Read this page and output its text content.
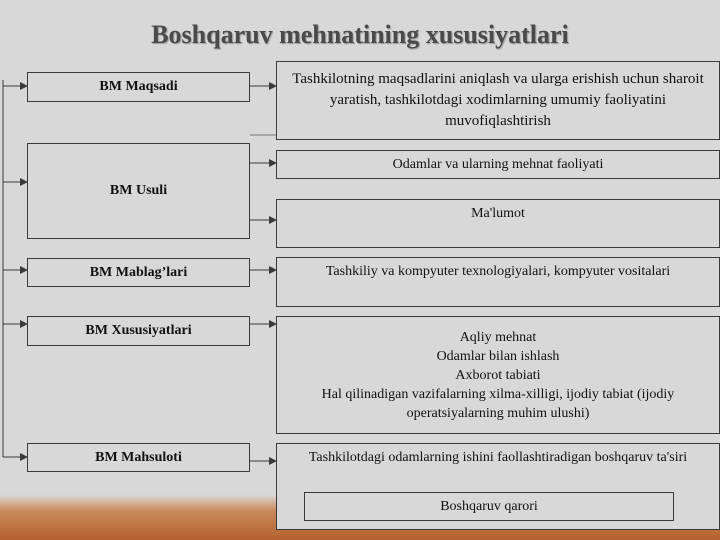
Boshqaruv mehnatining xususiyatlari
BM Maqsadi
BM Usuli
BM Mablag’lari
BM Xususiyatlari
BM Mahsuloti
Tashkilotning maqsadlarini aniqlash va ularga erishish uchun sharoit yaratish, tashkilotdagi xodimlarning umumiy faoliyatini muvofiqlashtirish
Odamlar va ularning mehnat faoliyati
Ma'lumot
Tashkiliy va kompyuter texnologiyalari, kompyuter vositalari
Aqliy mehnat
Odamlar bilan ishlash
Axborot tabiati
Hal qilinadigan vazifalarning xilma-xilligi, ijodiy tabiat (ijodiy operatsiyalarning muhim ulushi)
Tashkilotdagi odamlarning ishini faollashtiradigan boshqaruv ta'siri
Boshqaruv qarori
